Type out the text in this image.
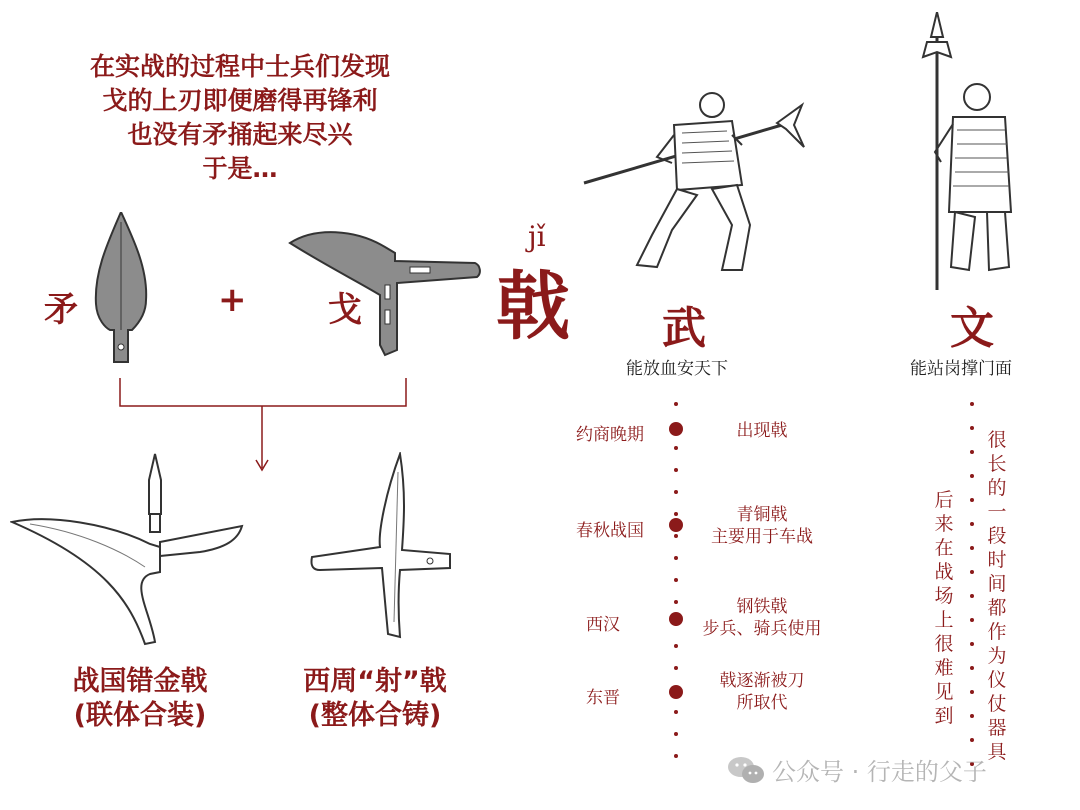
在实战的过程中士兵们发现
戈的上刃即便磨得再锋利
也没有矛捅起来尽兴
于是…
矛	+ 戈
jǐ
戟 武
能放血安天下
文
能站岗撑门面
战国错金戟
(联体合装)
西周“射”戟
(整体合铸)
约商晚期	出现戟
春秋战国
青铜戟
主要用于车战
西汉
钢铁戟
步兵、骑兵使用
东晋
戟逐渐被刀
所取代
很长的一段时间都作为仪仗器具
后来在战场上很难见到
公众号 · 行走的父子
